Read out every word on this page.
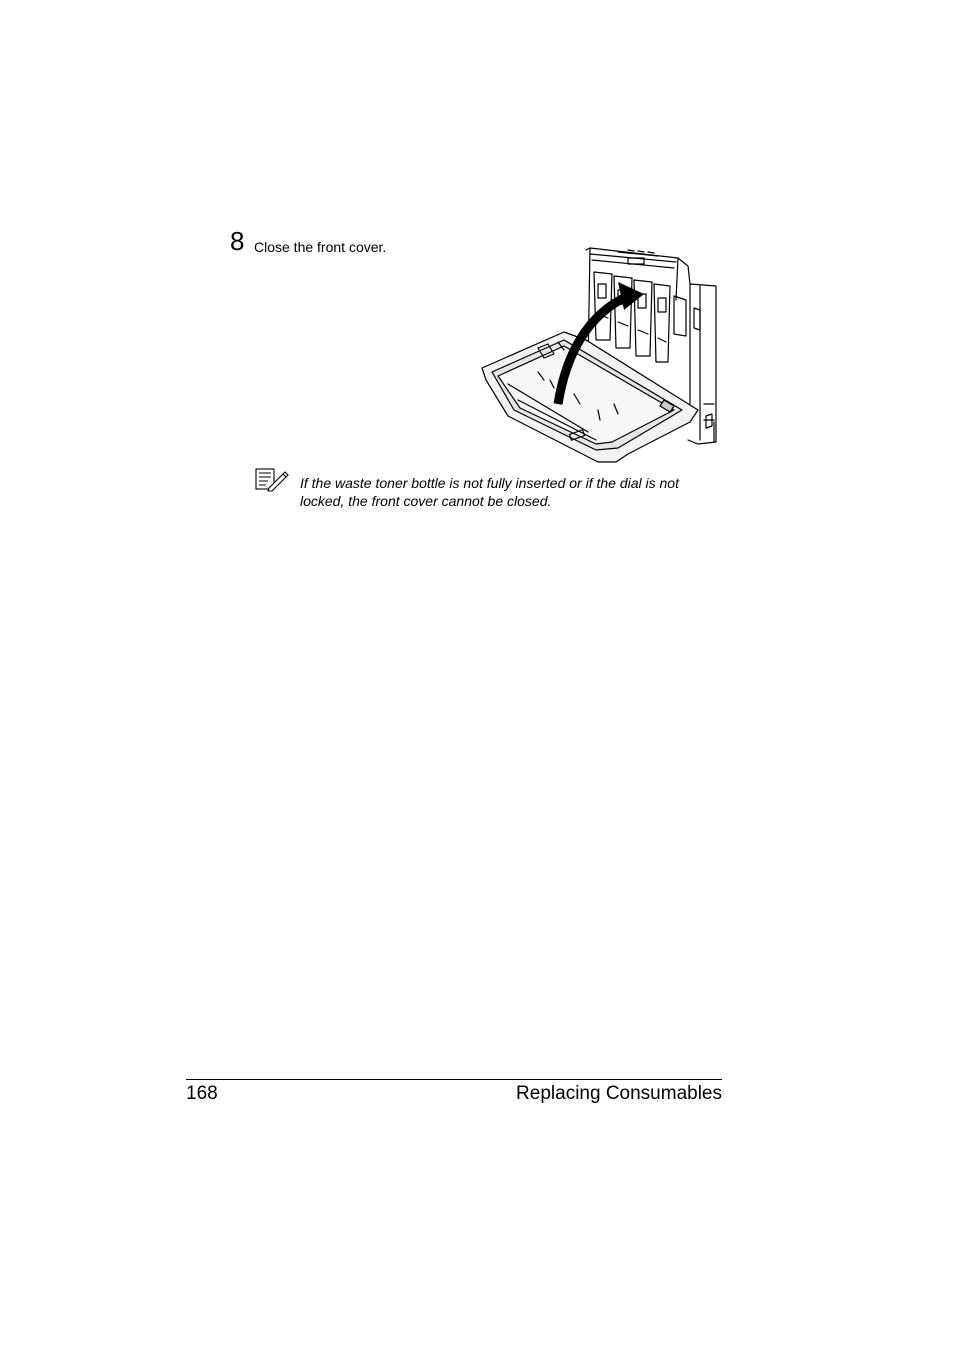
8 Close the front cover.
If the waste toner bottle is not fully inserted or if the dial is not locked, the front cover cannot be closed.
168	Replacing Consumables
